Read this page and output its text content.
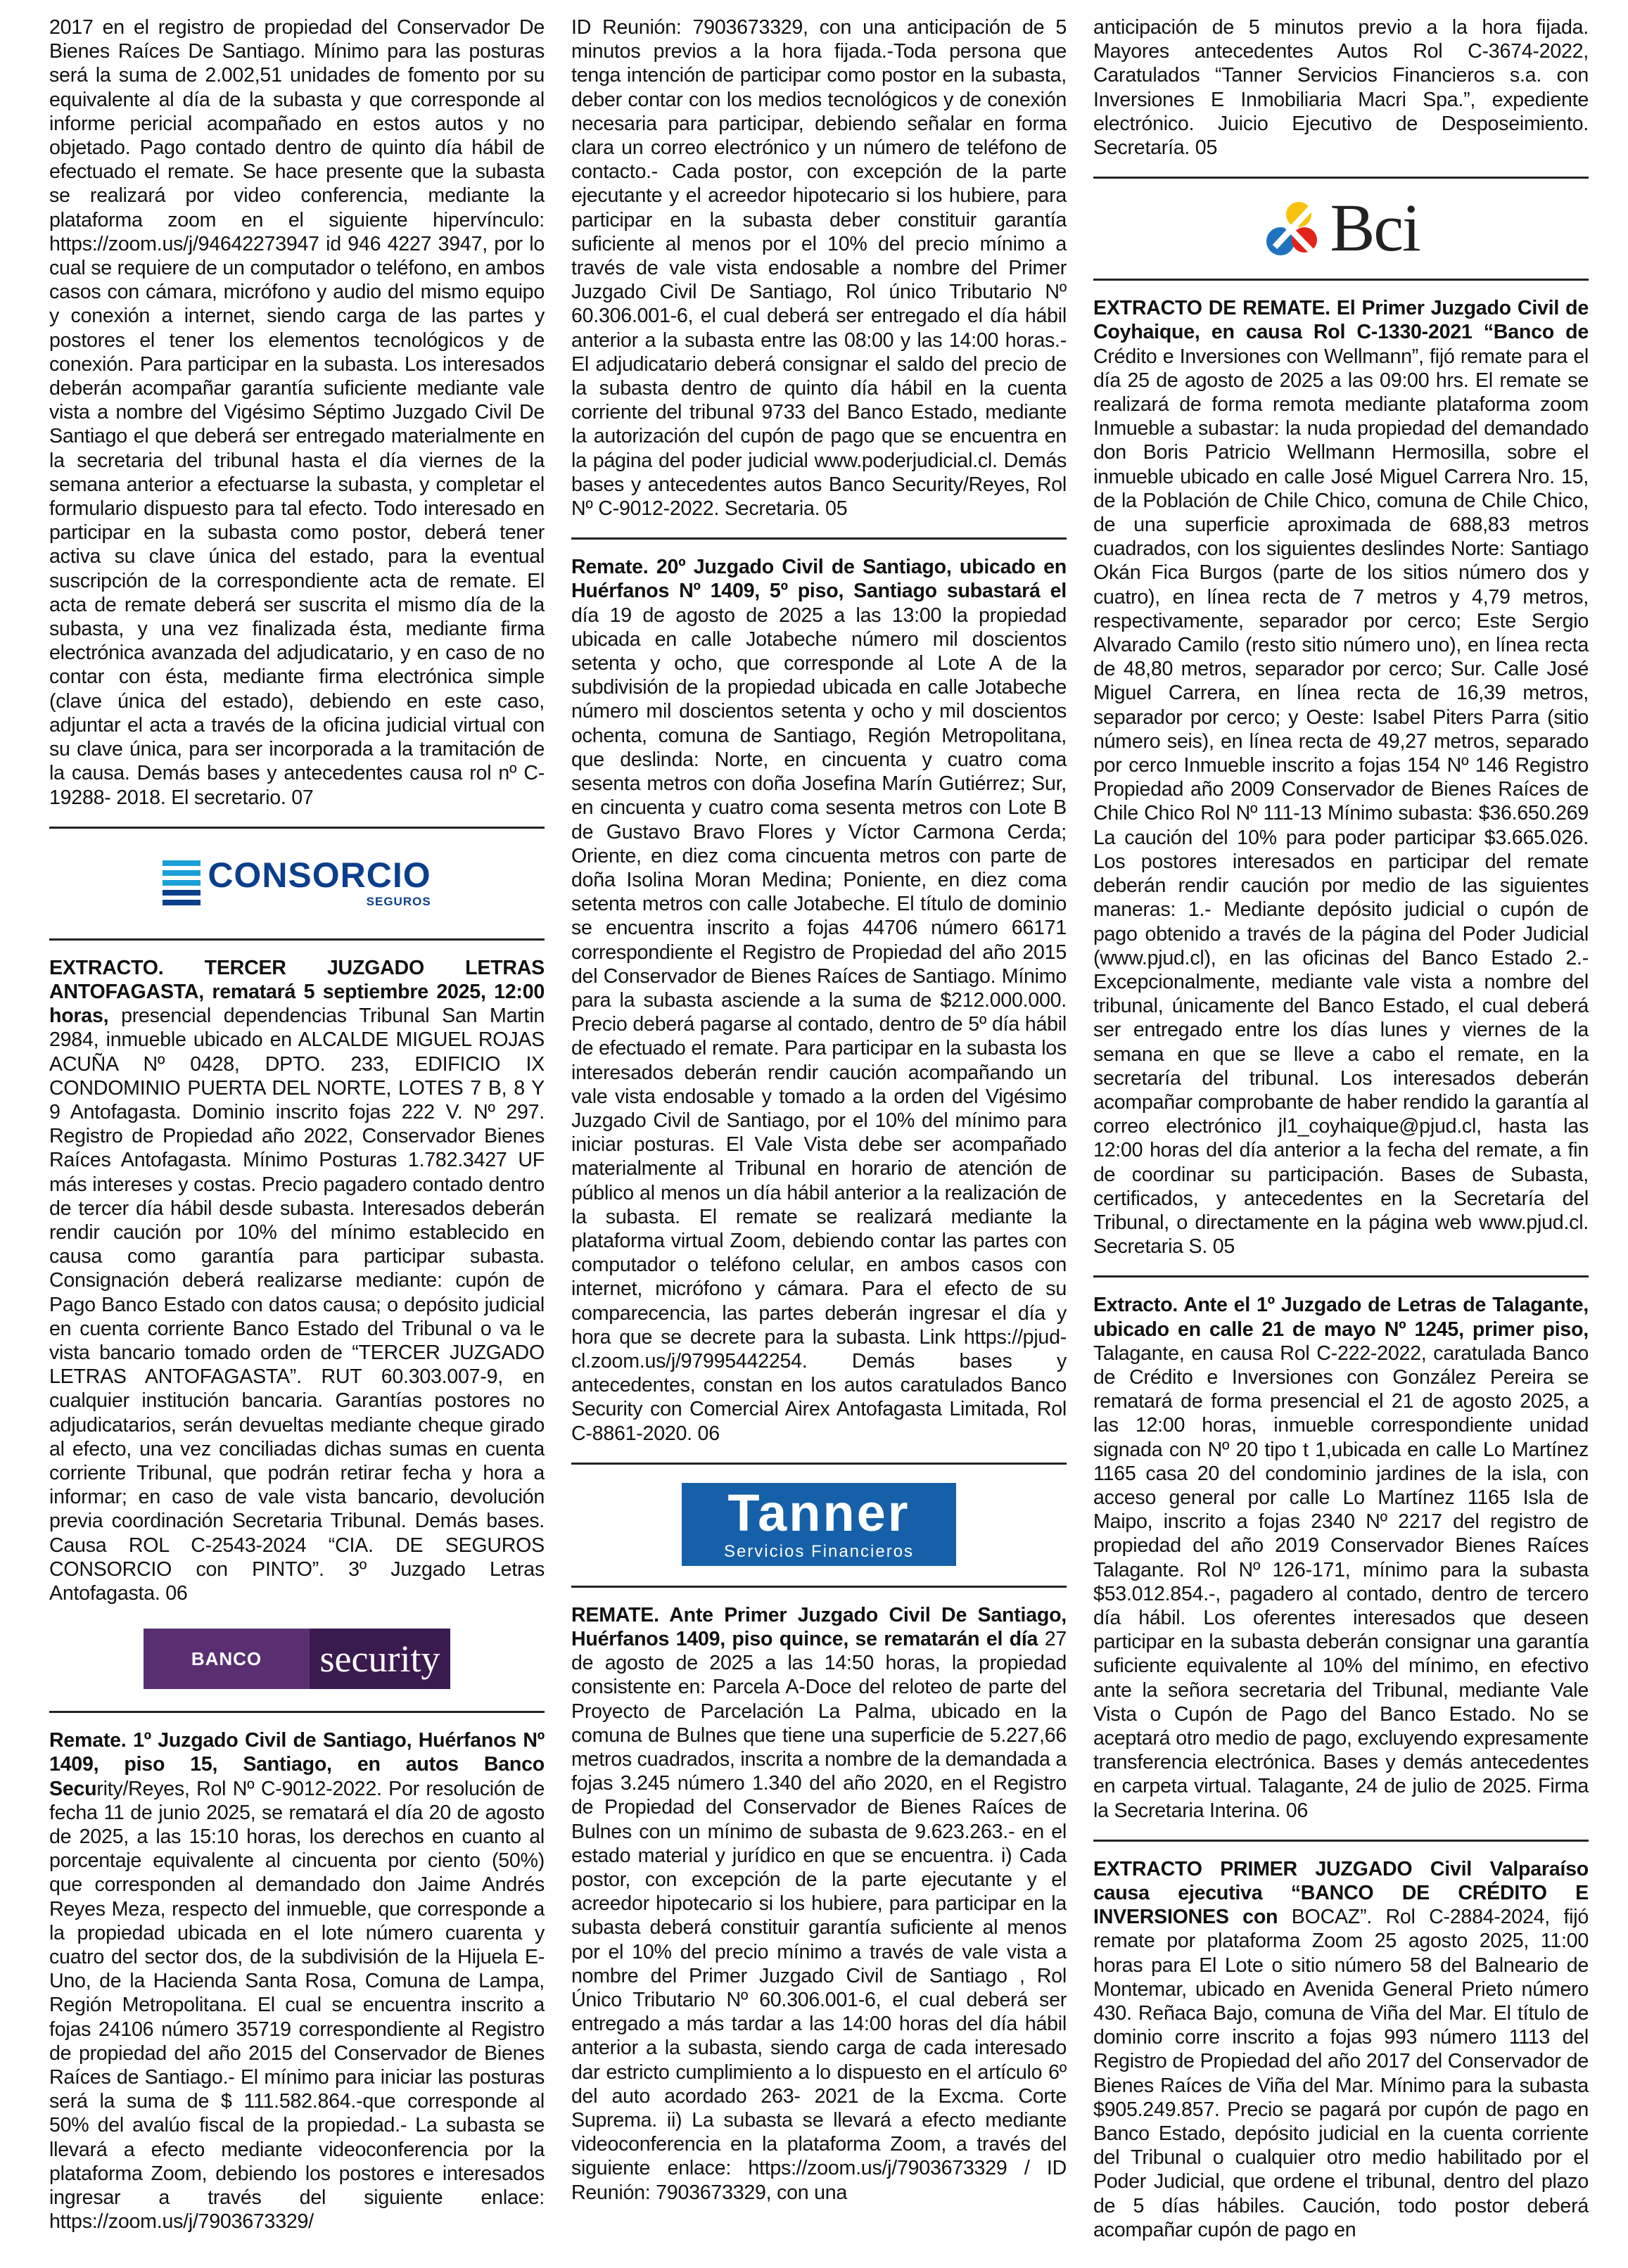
2017 en el registro de propiedad del Conservador De Bienes Raíces De Santiago. Mínimo para las posturas será la suma de 2.002,51 unidades de fomento por su equivalente al día de la subasta y que corresponde al informe pericial acompañado en estos autos y no objetado. Pago contado dentro de quinto día hábil de efectuado el remate. Se hace presente que la subasta se realizará por video conferencia, mediante la plataforma zoom en el siguiente hipervínculo: https://zoom.us/j/94642273947 id 946 4227 3947, por lo cual se requiere de un computador o teléfono, en ambos casos con cámara, micrófono y audio del mismo equipo y conexión a internet, siendo carga de las partes y postores el tener los elementos tecnológicos y de conexión. Para participar en la subasta. Los interesados deberán acompañar garantía suficiente mediante vale vista a nombre del Vigésimo Séptimo Juzgado Civil De Santiago el que deberá ser entregado materialmente en la secretaria del tribunal hasta el día viernes de la semana anterior a efectuarse la subasta, y completar el formulario dispuesto para tal efecto. Todo interesado en participar en la subasta como postor, deberá tener activa su clave única del estado, para la eventual suscripción de la correspondiente acta de remate. El acta de remate deberá ser suscrita el mismo día de la subasta, y una vez finalizada ésta, mediante firma electrónica avanzada del adjudicatario, y en caso de no contar con ésta, mediante firma electrónica simple (clave única del estado), debiendo en este caso, adjuntar el acta a través de la oficina judicial virtual con su clave única, para ser incorporada a la tramitación de la causa. Demás bases y antecedentes causa rol nº C-19288- 2018. El secretario. 07

CONSORCIO
SEGUROS

EXTRACTO. TERCER JUZGADO LETRAS ANTOFAGASTA, rematará 5 septiembre 2025, 12:00 horas, presencial dependencias Tribunal San Martin 2984, inmueble ubicado en ALCALDE MIGUEL ROJAS ACUÑA Nº 0428, DPTO. 233, EDIFICIO IX CONDOMINIO PUERTA DEL NORTE, LOTES 7 B, 8 Y 9 Antofagasta. Dominio inscrito fojas 222 V. Nº 297. Registro de Propiedad año 2022, Conservador Bienes Raíces Antofagasta. Mínimo Posturas 1.782.3427 UF más intereses y costas. Precio pagadero contado dentro de tercer día hábil desde subasta. Interesados deberán rendir caución por 10% del mínimo establecido en causa como garantía para participar subasta. Consignación deberá realizarse mediante: cupón de Pago Banco Estado con datos causa; o depósito judicial en cuenta corriente Banco Estado del Tribunal o va le vista bancario tomado orden de “TERCER JUZGADO LETRAS ANTOFAGASTA”. RUT 60.303.007-9, en cualquier institución bancaria. Garantías postores no adjudicatarios, serán devueltas mediante cheque girado al efecto, una vez conciliadas dichas sumas en cuenta corriente Tribunal, que podrán retirar fecha y hora a informar; en caso de vale vista bancario, devolución previa coordinación Secretaria Tribunal. Demás bases. Causa ROL C-2543-2024 “CIA. DE SEGUROS CONSORCIO con PINTO”. 3º Juzgado Letras Antofagasta. 06

BANCO	security

Remate. 1º Juzgado Civil de Santiago, Huérfanos Nº 1409, piso 15, Santiago, en autos Banco Security/Reyes, Rol Nº C-9012-2022. Por resolución de fecha 11 de junio 2025, se rematará el día 20 de agosto de 2025, a las 15:10 horas, los derechos en cuanto al porcentaje equivalente al cincuenta por ciento (50%) que corresponden al demandado don Jaime Andrés Reyes Meza, respecto del inmueble, que corresponde a la propiedad ubicada en el lote número cuarenta y cuatro del sector dos, de la subdivisión de la Hijuela E-Uno, de la Hacienda Santa Rosa, Comuna de Lampa, Región Metropolitana. El cual se encuentra inscrito a fojas 24106 número 35719 correspondiente al Registro de propiedad del año 2015 del Conservador de Bienes Raíces de Santiago.- El mínimo para iniciar las posturas será la suma de $ 111.582.864.-que corresponde al 50% del avalúo fiscal de la propiedad.- La subasta se llevará a efecto mediante videoconferencia por la plataforma Zoom, debiendo los postores e interesados ingresar a través del siguiente enlace: https://zoom.us/j/7903673329/

ID Reunión: 7903673329, con una anticipación de 5 minutos previos a la hora fijada.-Toda persona que tenga intención de participar como postor en la subasta, deber contar con los medios tecnológicos y de conexión necesaria para participar, debiendo señalar en forma clara un correo electrónico y un número de teléfono de contacto.- Cada postor, con excepción de la parte ejecutante y el acreedor hipotecario si los hubiere, para participar en la subasta deber constituir garantía suficiente al menos por el 10% del precio mínimo a través de vale vista endosable a nombre del Primer Juzgado Civil De Santiago, Rol único Tributario Nº 60.306.001-6, el cual deberá ser entregado el día hábil anterior a la subasta entre las 08:00 y las 14:00 horas.-El adjudicatario deberá consignar el saldo del precio de la subasta dentro de quinto día hábil en la cuenta corriente del tribunal 9733 del Banco Estado, mediante la autorización del cupón de pago que se encuentra en la página del poder judicial www.poderjudicial.cl. Demás bases y antecedentes autos Banco Security/Reyes, Rol Nº C-9012-2022. Secretaria. 05

Remate. 20º Juzgado Civil de Santiago, ubicado en Huérfanos Nº 1409, 5º piso, Santiago subastará el día 19 de agosto de 2025 a las 13:00 la propiedad ubicada en calle Jotabeche número mil doscientos setenta y ocho, que corresponde al Lote A de la subdivisión de la propiedad ubicada en calle Jotabeche número mil doscientos setenta y ocho y mil doscientos ochenta, comuna de Santiago, Región Metropolitana, que deslinda: Norte, en cincuenta y cuatro coma sesenta metros con doña Josefina Marín Gutiérrez; Sur, en cincuenta y cuatro coma sesenta metros con Lote B de Gustavo Bravo Flores y Víctor Carmona Cerda; Oriente, en diez coma cincuenta metros con parte de doña Isolina Moran Medina; Poniente, en diez coma setenta metros con calle Jotabeche. El título de dominio se encuentra inscrito a fojas 44706 número 66171 correspondiente el Registro de Propiedad del año 2015 del Conservador de Bienes Raíces de Santiago. Mínimo para la subasta asciende a la suma de $212.000.000. Precio deberá pagarse al contado, dentro de 5º día hábil de efectuado el remate. Para participar en la subasta los interesados deberán rendir caución acompañando un vale vista endosable y tomado a la orden del Vigésimo Juzgado Civil de Santiago, por el 10% del mínimo para iniciar posturas. El Vale Vista debe ser acompañado materialmente al Tribunal en horario de atención de público al menos un día hábil anterior a la realización de la subasta. El remate se realizará mediante la plataforma virtual Zoom, debiendo contar las partes con computador o teléfono celular, en ambos casos con internet, micrófono y cámara. Para el efecto de su comparecencia, las partes deberán ingresar el día y hora que se decrete para la subasta. Link https://pjud-cl.zoom.us/j/97995442254. Demás bases y antecedentes, constan en los autos caratulados Banco Security con Comercial Airex Antofagasta Limitada, Rol C-8861-2020. 06

Tanner
Servicios Financieros

REMATE. Ante Primer Juzgado Civil De Santiago, Huérfanos 1409, piso quince, se rematarán el día 27 de agosto de 2025 a las 14:50 horas, la propiedad consistente en: Parcela A-Doce del reloteo de parte del Proyecto de Parcelación La Palma, ubicado en la comuna de Bulnes que tiene una superficie de 5.227,66 metros cuadrados, inscrita a nombre de la demandada a fojas 3.245 número 1.340 del año 2020, en el Registro de Propiedad del Conservador de Bienes Raíces de Bulnes con un mínimo de subasta de 9.623.263.- en el estado material y jurídico en que se encuentra. i) Cada postor, con excepción de la parte ejecutante y el acreedor hipotecario si los hubiere, para participar en la subasta deberá constituir garantía suficiente al menos por el 10% del precio mínimo a través de vale vista a nombre del Primer Juzgado Civil de Santiago , Rol Único Tributario Nº 60.306.001-6, el cual deberá ser entregado a más tardar a las 14:00 horas del día hábil anterior a la subasta, siendo carga de cada interesado dar estricto cumplimiento a lo dispuesto en el artículo 6º del auto acordado 263- 2021 de la Excma. Corte Suprema. ii) La subasta se llevará a efecto mediante videoconferencia en la plataforma Zoom, a través del siguiente enlace: https://zoom.us/j/7903673329 / ID Reunión: 7903673329, con una

anticipación de 5 minutos previo a la hora fijada. Mayores antecedentes Autos Rol C-3674-2022, Caratulados “Tanner Servicios Financieros s.a. con Inversiones E Inmobiliaria Macri Spa.”, expediente electrónico. Juicio Ejecutivo de Desposeimiento. Secretaría. 05

Bci

EXTRACTO DE REMATE. El Primer Juzgado Civil de Coyhaique, en causa Rol C-1330-2021 “Banco de Crédito e Inversiones con Wellmann”, fijó remate para el día 25 de agosto de 2025 a las 09:00 hrs. El remate se realizará de forma remota mediante plataforma zoom Inmueble a subastar: la nuda propiedad del demandado don Boris Patricio Wellmann Hermosilla, sobre el inmueble ubicado en calle José Miguel Carrera Nro. 15, de la Población de Chile Chico, comuna de Chile Chico, de una superficie aproximada de 688,83 metros cuadrados, con los siguientes deslindes Norte: Santiago Okán Fica Burgos (parte de los sitios número dos y cuatro), en línea recta de 7 metros y 4,79 metros, respectivamente, separador por cerco; Este Sergio Alvarado Camilo (resto sitio número uno), en línea recta de 48,80 metros, separador por cerco; Sur. Calle José Miguel Carrera, en línea recta de 16,39 metros, separador por cerco; y Oeste: Isabel Piters Parra (sitio número seis), en línea recta de 49,27 metros, separado por cerco Inmueble inscrito a fojas 154 Nº 146 Registro Propiedad año 2009 Conservador de Bienes Raíces de Chile Chico Rol Nº 111-13 Mínimo subasta: $36.650.269 La caución del 10% para poder participar $3.665.026. Los postores interesados en participar del remate deberán rendir caución por medio de las siguientes maneras: 1.- Mediante depósito judicial o cupón de pago obtenido a través de la página del Poder Judicial (www.pjud.cl), en las oficinas del Banco Estado 2.- Excepcionalmente, mediante vale vista a nombre del tribunal, únicamente del Banco Estado, el cual deberá ser entregado entre los días lunes y viernes de la semana en que se lleve a cabo el remate, en la secretaría del tribunal. Los interesados deberán acompañar comprobante de haber rendido la garantía al correo electrónico jl1_coyhaique@pjud.cl, hasta las 12:00 horas del día anterior a la fecha del remate, a fin de coordinar su participación. Bases de Subasta, certificados, y antecedentes en la Secretaría del Tribunal, o directamente en la página web www.pjud.cl. Secretaria S. 05

Extracto. Ante el 1º Juzgado de Letras de Talagante, ubicado en calle 21 de mayo Nº 1245, primer piso, Talagante, en causa Rol C-222-2022, caratulada Banco de Crédito e Inversiones con González Pereira se rematará de forma presencial el 21 de agosto 2025, a las 12:00 horas, inmueble correspondiente unidad signada con Nº 20 tipo t 1,ubicada en calle Lo Martínez 1165 casa 20 del condominio jardines de la isla, con acceso general por calle Lo Martínez 1165 Isla de Maipo, inscrito a fojas 2340 Nº 2217 del registro de propiedad del año 2019 Conservador Bienes Raíces Talagante. Rol Nº 126-171, mínimo para la subasta $53.012.854.-, pagadero al contado, dentro de tercero día hábil. Los oferentes interesados que deseen participar en la subasta deberán consignar una garantía suficiente equivalente al 10% del mínimo, en efectivo ante la señora secretaria del Tribunal, mediante Vale Vista o Cupón de Pago del Banco Estado. No se aceptará otro medio de pago, excluyendo expresamente transferencia electrónica. Bases y demás antecedentes en carpeta virtual. Talagante, 24 de julio de 2025. Firma la Secretaria Interina. 06

EXTRACTO PRIMER JUZGADO Civil Valparaíso causa ejecutiva “BANCO DE CRÉDITO E INVERSIONES con BOCAZ”. Rol C-2884-2024, fijó remate por plataforma Zoom 25 agosto 2025, 11:00 horas para El Lote o sitio número 58 del Balneario de Montemar, ubicado en Avenida General Prieto número 430. Reñaca Bajo, comuna de Viña del Mar. El título de dominio corre inscrito a fojas 993 número 1113 del Registro de Propiedad del año 2017 del Conservador de Bienes Raíces de Viña del Mar. Mínimo para la subasta $905.249.857. Precio se pagará por cupón de pago en Banco Estado, depósito judicial en la cuenta corriente del Tribunal o cualquier otro medio habilitado por el Poder Judicial, que ordene el tribunal, dentro del plazo de 5 días hábiles. Caución, todo postor deberá acompañar cupón de pago en
